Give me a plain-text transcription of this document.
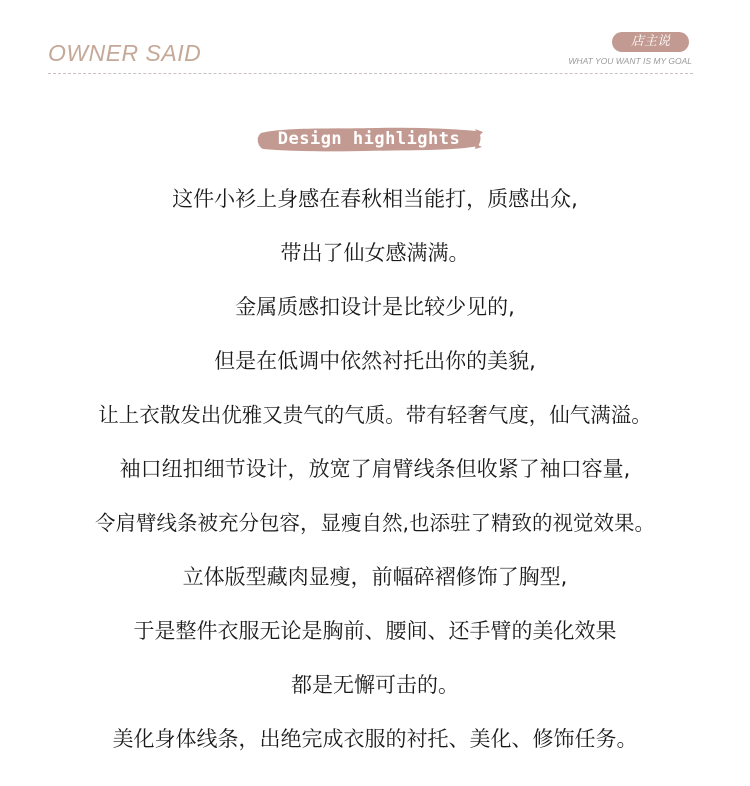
OWNER SAID	店主说
WHAT YOU WANT IS MY GOAL
Design highlights
这件小衫上身感在春秋相当能打，质感出众,
带出了仙女感满满。
金属质感扣设计是比较少见的,
但是在低调中依然衬托出你的美貌,
让上衣散发出优雅又贵气的气质。带有轻奢气度，仙气满溢。
袖口纽扣细节设计，放宽了肩臂线条但收紧了袖口容量,
令肩臂线条被充分包容，显瘦自然,也添驻了精致的视觉效果。
立体版型藏肉显瘦，前幅碎褶修饰了胸型,
于是整件衣服无论是胸前、腰间、还手臂的美化效果
都是无懈可击的。
美化身体线条，出绝完成衣服的衬托、美化、修饰任务。
